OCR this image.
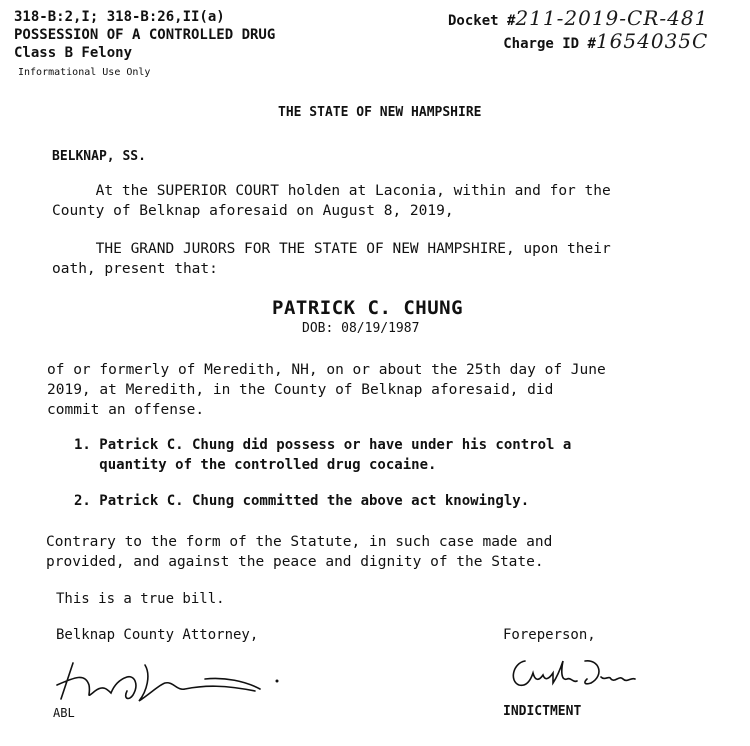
318-B:2,I; 318-B:26,II(a)
POSSESSION OF A CONTROLLED DRUG
Class B Felony
Informational Use Only
Docket #211-2019-CR-481
Charge ID #1654035C
THE STATE OF NEW HAMPSHIRE
BELKNAP, SS.
At the SUPERIOR COURT holden at Laconia, within and for the
County of Belknap aforesaid on August 8, 2019,
THE GRAND JURORS FOR THE STATE OF NEW HAMPSHIRE, upon their
oath, present that:
PATRICK C. CHUNG
DOB: 08/19/1987
of or formerly of Meredith, NH, on or about the 25th day of June
2019, at Meredith, in the County of Belknap aforesaid, did
commit an offense.
1. Patrick C. Chung did possess or have under his control a
quantity of the controlled drug cocaine.
2. Patrick C. Chung committed the above act knowingly.
Contrary to the form of the Statute, in such case made and
provided, and against the peace and dignity of the State.
This is a true bill.
Belknap County Attorney,	Foreperson,
ABL	INDICTMENT
